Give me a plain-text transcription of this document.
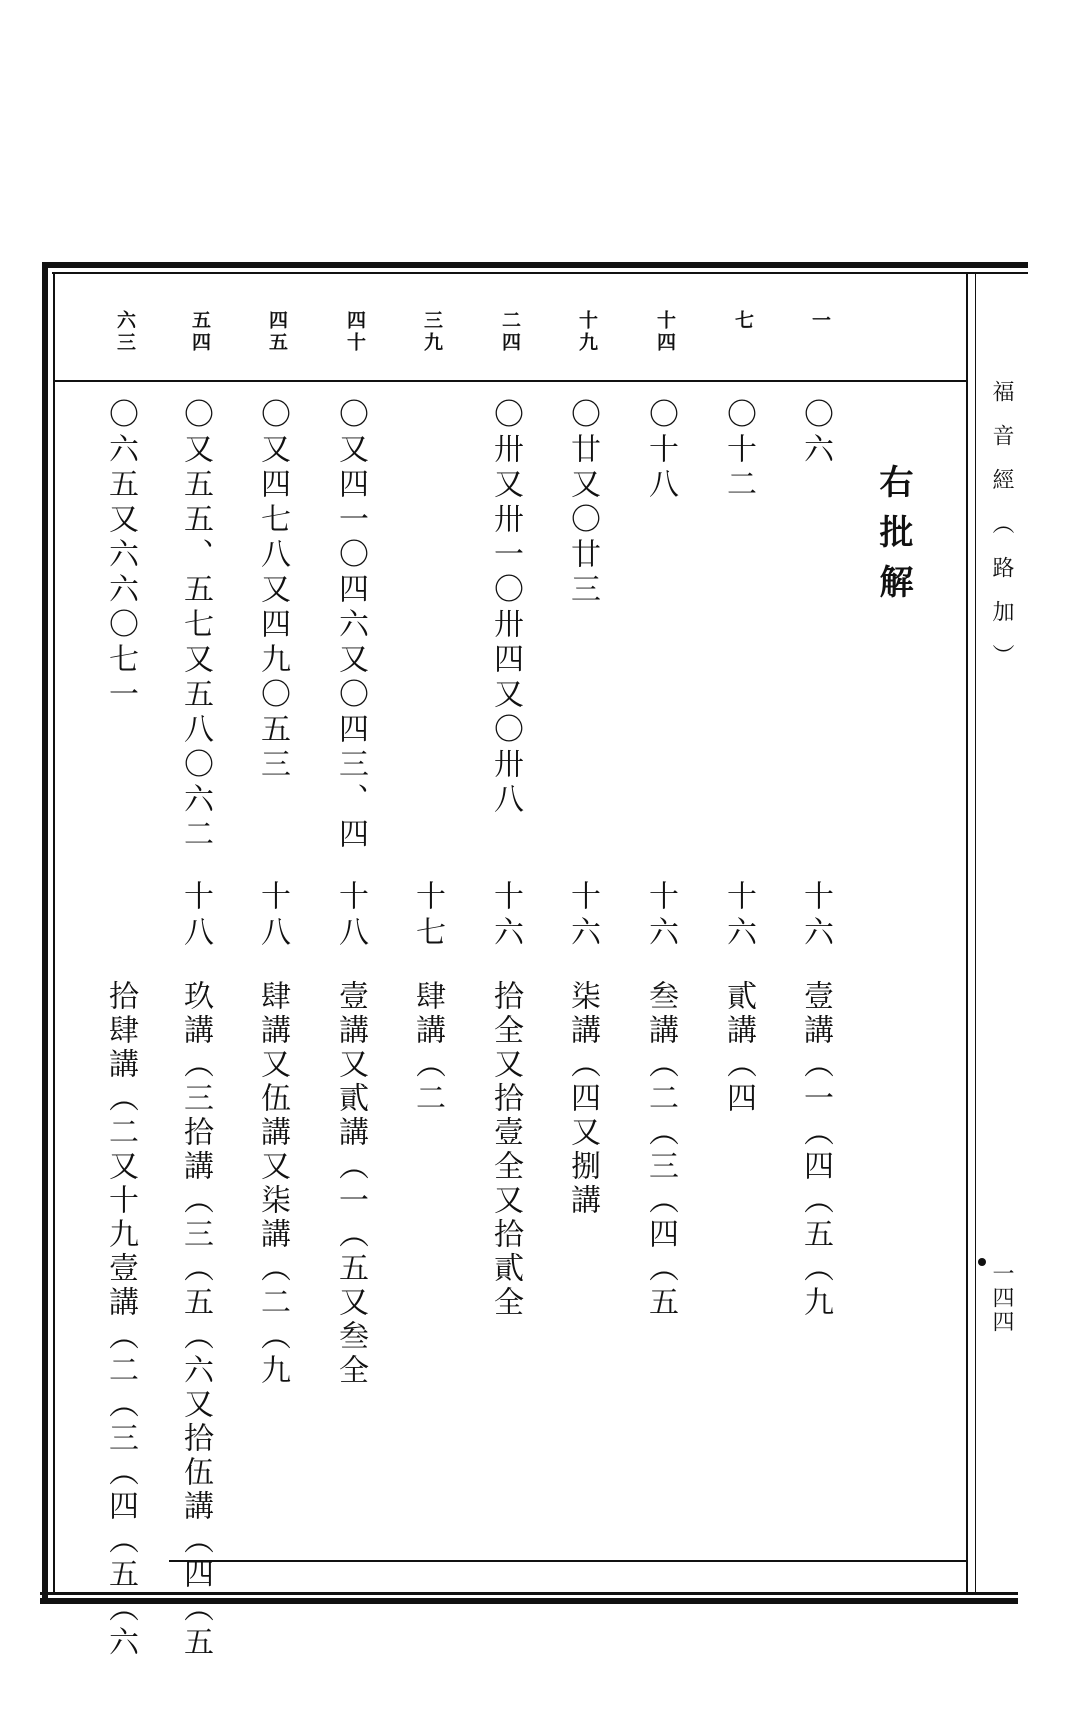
福音經（路加）
一四四
右批解
一
七
十四
十九
二四
三九
四十
四五
五四
六三
〇六
〇十二
〇十八
〇廿又〇廿三
〇卅又卅一〇卅四又〇卅八
〇又四一〇四六又〇四三、四
〇又四七八又四九〇五三
〇又五五、五七又五八〇六二
〇六五又六六〇七一
十六
十六
十六
十六
十六
十七
十八
十八
十八
壹講（一（四（五（九
貳講（四
叁講（二（三（四（五
柒講（四又捌講
拾全又拾壹全又拾貳全
肆講（二
壹講又貳講（一（五又叁全
肆講又伍講又柒講（二（九
玖講（三拾講（三（五（六又拾伍講（四（五
拾肆講（二又十九壹講（二（三（四（五（六
